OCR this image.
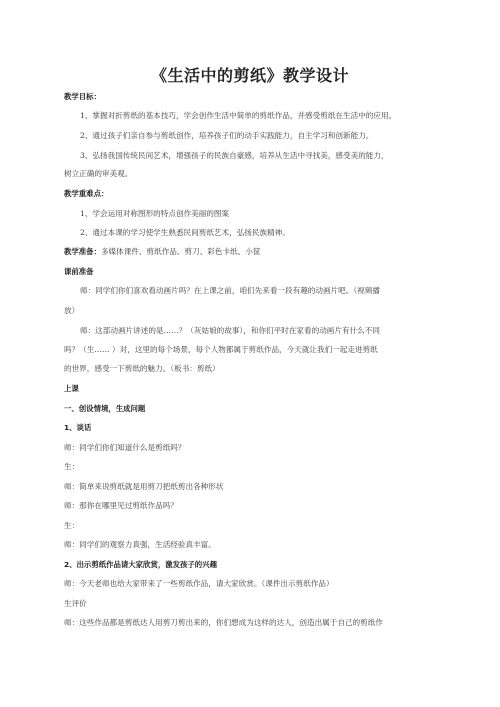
《生活中的剪纸》教学设计
教学目标：
1、掌握对折剪纸的基本技巧，学会创作生活中简单的剪纸作品，并感受剪纸在生活中的应用。
2、通过孩子们亲自参与剪纸创作，培养孩子们的动手实践能力，自主学习和创新能力。
3、弘扬我国传统民间艺术，增强孩子的民族自豪感，培养从生活中寻找美，感受美的能力，
树立正确的审美观。
教学重难点：
1、学会运用对称图形的特点创作美丽的图案
2、通过本课的学习使学生熟悉民间剪纸艺术，弘扬民族精神。
教学准备：多媒体课件、剪纸作品、剪刀、彩色卡纸、小筐
课前准备
师：同学们你们喜欢看动画片吗？在上课之前，咱们先来看一段有趣的动画片吧。（视频播
放）
师：这部动画片讲述的是……？（灰姑娘的故事），和你们平时在家看的动画片有什么不同
吗？（生…… ）对，这里的每个场景，每个人物都属于剪纸作品，今天就让我们一起走进剪纸
的世界，感受一下剪纸的魅力。（板书：剪纸）
上课
一、创设情境，生成问题
1、谈话
师：同学们你们知道什么是剪纸吗？
生：
师：简单来说剪纸就是用剪刀把纸剪出各种形状
师：那你在哪里见过剪纸作品吗？
生：
师：同学们的观察力真强，生活经验真丰富。
2、出示剪纸作品请大家欣赏，激发孩子的兴趣
师：今天老师也给大家带来了一些剪纸作品，请大家欣赏。（课件出示剪纸作品）
生评价
师：这些作品都是剪纸达人用剪刀剪出来的，你们想成为这样的达人，创造出属于自己的剪纸作
